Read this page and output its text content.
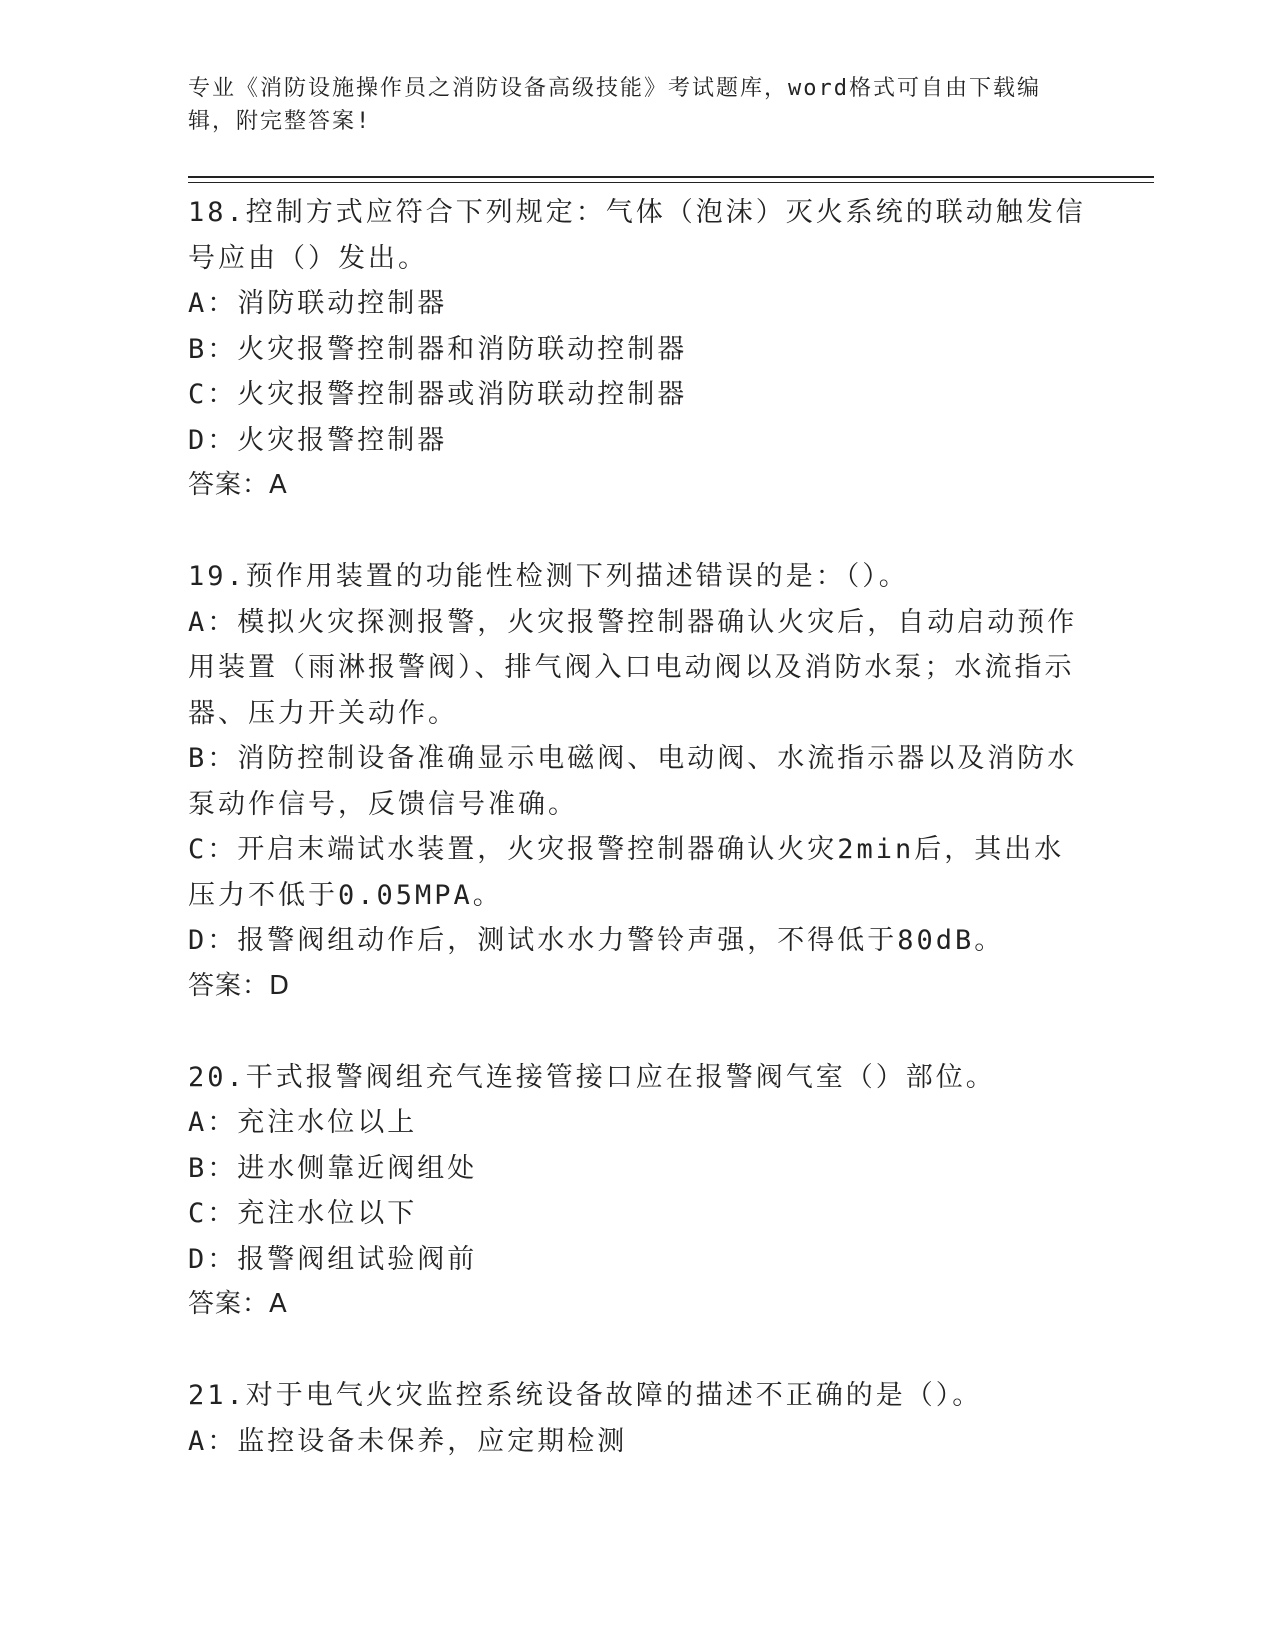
专业《消防设施操作员之消防设备高级技能》考试题库，word格式可自由下载编辑，附完整答案!

18.控制方式应符合下列规定：气体（泡沫）灭火系统的联动触发信号应由（）发出。

A：消防联动控制器

B：火灾报警控制器和消防联动控制器

C：火灾报警控制器或消防联动控制器

D：火灾报警控制器

答案：A

19.预作用装置的功能性检测下列描述错误的是：（）。

A：模拟火灾探测报警，火灾报警控制器确认火灾后，自动启动预作用装置（雨淋报警阀）、排气阀入口电动阀以及消防水泵；水流指示器、压力开关动作。

B：消防控制设备准确显示电磁阀、电动阀、水流指示器以及消防水泵动作信号，反馈信号准确。

C：开启末端试水装置，火灾报警控制器确认火灾2min后，其出水压力不低于0.05MPA。

D：报警阀组动作后，测试水水力警铃声强，不得低于80dB。

答案：D

20.干式报警阀组充气连接管接口应在报警阀气室（）部位。

A：充注水位以上

B：进水侧靠近阀组处

C：充注水位以下

D：报警阀组试验阀前

答案：A

21.对于电气火灾监控系统设备故障的描述不正确的是（）。

A：监控设备未保养，应定期检测
